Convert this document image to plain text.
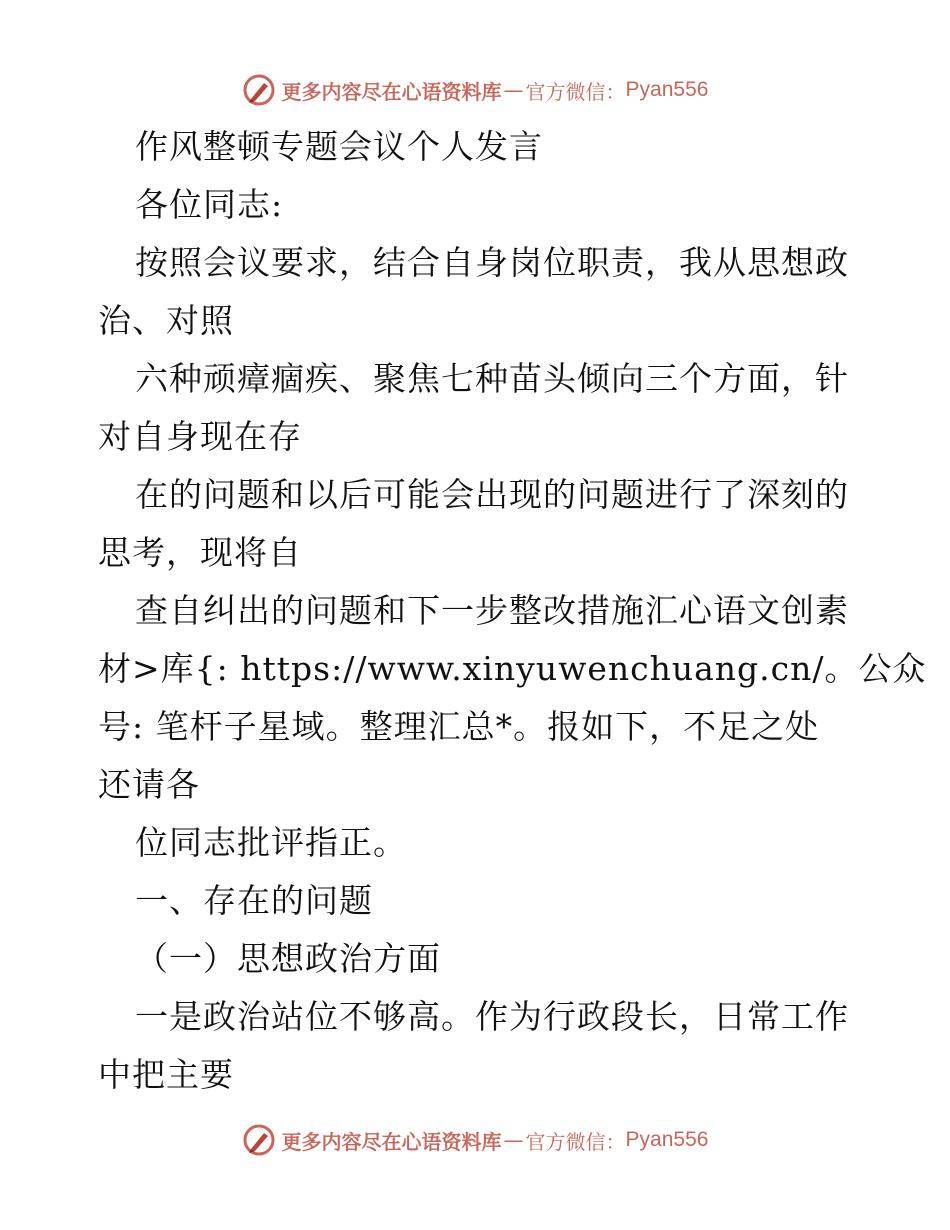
更多内容尽在心语资料库 — 官方微信： Pyan556
作风整顿专题会议个人发言
各位同志:
按照会议要求，结合自身岗位职责，我从思想政
治、对照
六种顽瘴痼疾、聚焦七种苗头倾向三个方面，针
对自身现在存
在的问题和以后可能会出现的问题进行了深刻的
思考，现将自
查自纠出的问题和下一步整改措施汇心语文创素
材>库{: https://www.xinyuwenchuang.cn/。公众
号: 笔杆子星域。整理汇总*。报如下，不足之处
还请各
位同志批评指正。
一、存在的问题
（一）思想政治方面
一是政治站位不够高。作为行政段长，日常工作
中把主要
更多内容尽在心语资料库 — 官方微信： Pyan556
